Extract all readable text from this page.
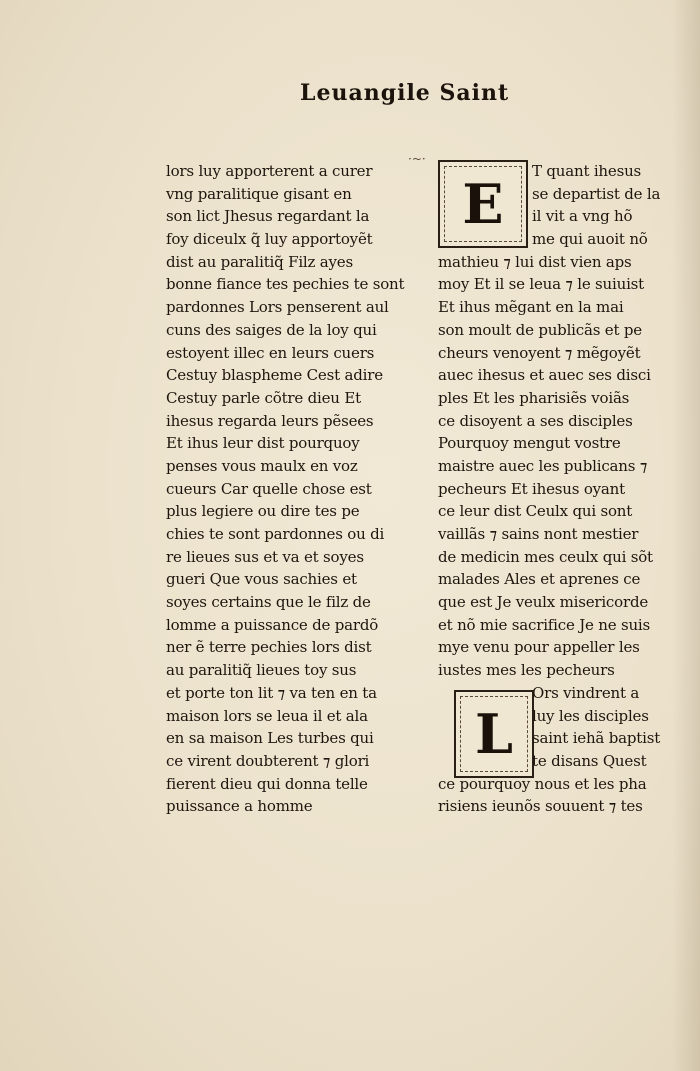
Leuangile Saint
·~·
lors luy apporterent a curer
vng paralitique gisant en
son lict Jhesus regardant la
foy diceulx q̃ luy apportoyẽt
dist au paralitiq̃ Filz ayes
bonne fiance tes pechies te sont
pardonnes Lors penserent aul
cuns des saiges de la loy qui
estoyent illec en leurs cuers
Cestuy blaspheme Cest adire
Cestuy parle cõtre dieu Et
ihesus regarda leurs pẽsees
Et ihus leur dist pourquoy
penses vous maulx en voz
cueurs Car quelle chose est
plus legiere ou dire tes pe
chies te sont pardonnes ou di
re lieues sus et va et soyes
gueri Que vous sachies et
soyes certains que le filz de
lomme a puissance de pardõ
ner ẽ terre pechies lors dist
au paralitiq̃ lieues toy sus
et porte ton lit ⁊ va ten en ta
maison lors se leua il et ala
en sa maison Les turbes qui
ce virent doubterent ⁊ glori
fierent dieu qui donna telle
puissance a homme
E
L
T quant ihesus
se departist de la
il vit a vng hõ
me qui auoit nõ
mathieu ⁊ lui dist vien aps
moy Et il se leua ⁊ le suiuist
Et ihus mẽgant en la mai
son moult de publicãs et pe
cheurs venoyent ⁊ mẽgoyẽt
auec ihesus et auec ses disci
ples Et les pharisiẽs voiãs
ce disoyent a ses disciples
Pourquoy mengut vostre
maistre auec les publicans ⁊
pecheurs Et ihesus oyant
ce leur dist Ceulx qui sont
vaillãs ⁊ sains nont mestier
de medicin mes ceulx qui sõt
malades Ales et aprenes ce
que est Je veulx misericorde
et nõ mie sacrifice Je ne suis
mye venu pour appeller les
iustes mes les pecheurs
Ors vindrent a
luy les disciples
saint iehã baptist
te disans Quest
ce pourquoy nous et les pha
risiens ieunõs souuent ⁊ tes
